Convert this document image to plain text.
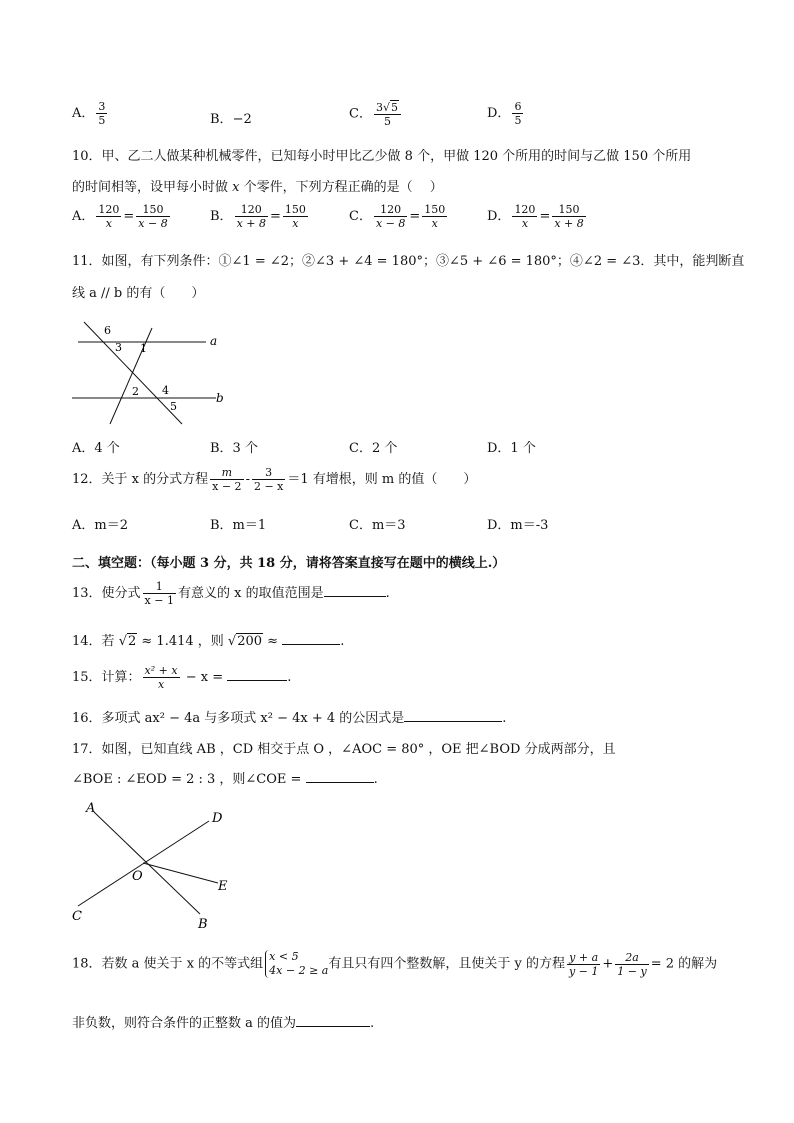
A． $\frac{3}{5}$	B．−2	C． $\frac{3√5}{5}$	D． $\frac{6}{5}$
10．甲、乙二人做某种机械零件，已知每小时甲比乙少做 8 个，甲做 120 个所用的时间与乙做 150 个所用
的时间相等，设甲每小时做 x 个零件，下列方程正确的是（　 ）
A． $\frac{120}{x} = \frac{150}{x - 8}$	B． $\frac{120}{x + 8} = \frac{150}{x}$	C． $\frac{120}{x - 8} = \frac{150}{x}$	D． $\frac{120}{x} = \frac{150}{x + 8}$
11．如图，有下列条件：①∠1 = ∠2；②∠3 + ∠4 = 180°；③∠5 + ∠6 = 180°；④∠2 = ∠3．其中，能判断直
线 a // b 的有（　　）
a
b
1
2
3
4
5
6
A．4 个	B．3 个	C．2 个	D．1 个
12．关于 x 的分式方程 $\frac{m}{x - 2} - \frac{3}{2 - x} =1$ 有增根，则 m 的值（　　）
A．m＝2	B．m＝1	C．m＝3	D．m＝-3
二、填空题：（每小题 3 分，共 18 分，请将答案直接写在题中的横线上.）
13．使分式 $\frac{1}{x - 1}$ 有意义的 x 的取值范围是	.
14．若 √2 ≈ 1.414 ，则 √200 ≈	.
15．计算： $\frac{\text{x² + x}}{x} - x$ =	.
16．多项式 ax² − 4a 与多项式 x² − 4x + 4 的公因式是	.
17．如图，已知直线 AB ，CD 相交于点 O ，∠AOC = 80° ，OE 把∠BOD 分成两部分，且
∠BOE : ∠EOD = 2 : 3 ，则∠COE =	.
A
B
C
D
E
O
18．若数 a 使关于 x 的不等式组 x < 5
4x − 2 ≥ a 有且只有四个整数解，且使关于 y 的方程 $\frac{y + a}{y - 1} + \frac{2a}{1 - y} = 2$ 的解为
非负数，则符合条件的正整数 a 的值为	.
